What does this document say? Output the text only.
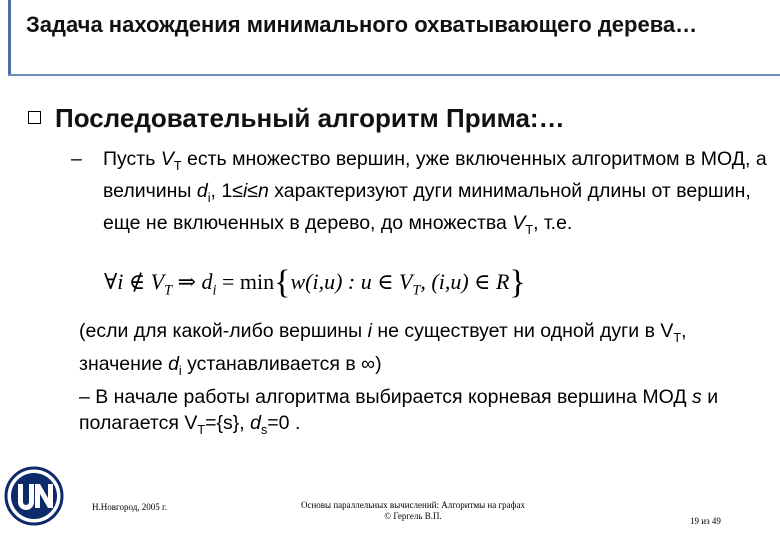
Задача нахождения минимального охватывающего дерева…
Последовательный алгоритм Прима:…
– Пусть $V_T$ есть множество вершин, уже включенных алгоритмом в МОД, а величины $d_i$, 1≤i≤n характеризуют дуги минимальной длины от вершин, еще не включенных в дерево, до множества $V_T$, т.е.
∀i ∉ $V_T$ ⇒ $d_i = \min\{w(i,u)$ : u ∈ $V_T$, (i,u) ∈ R}
(если для какой-либо вершины i не существует ни одной дуги в $V_T$, значение $d_i$ устанавливается в ∞)
– В начале работы алгоритма выбирается корневая вершина МОД s и полагается $V_T=\{s\}$, $d_s=0$ .
Н.Новгород, 2005 г.	Основы параллельных вычислений: Алгоритмы на графах
© Гергель В.П.	19 из 49
